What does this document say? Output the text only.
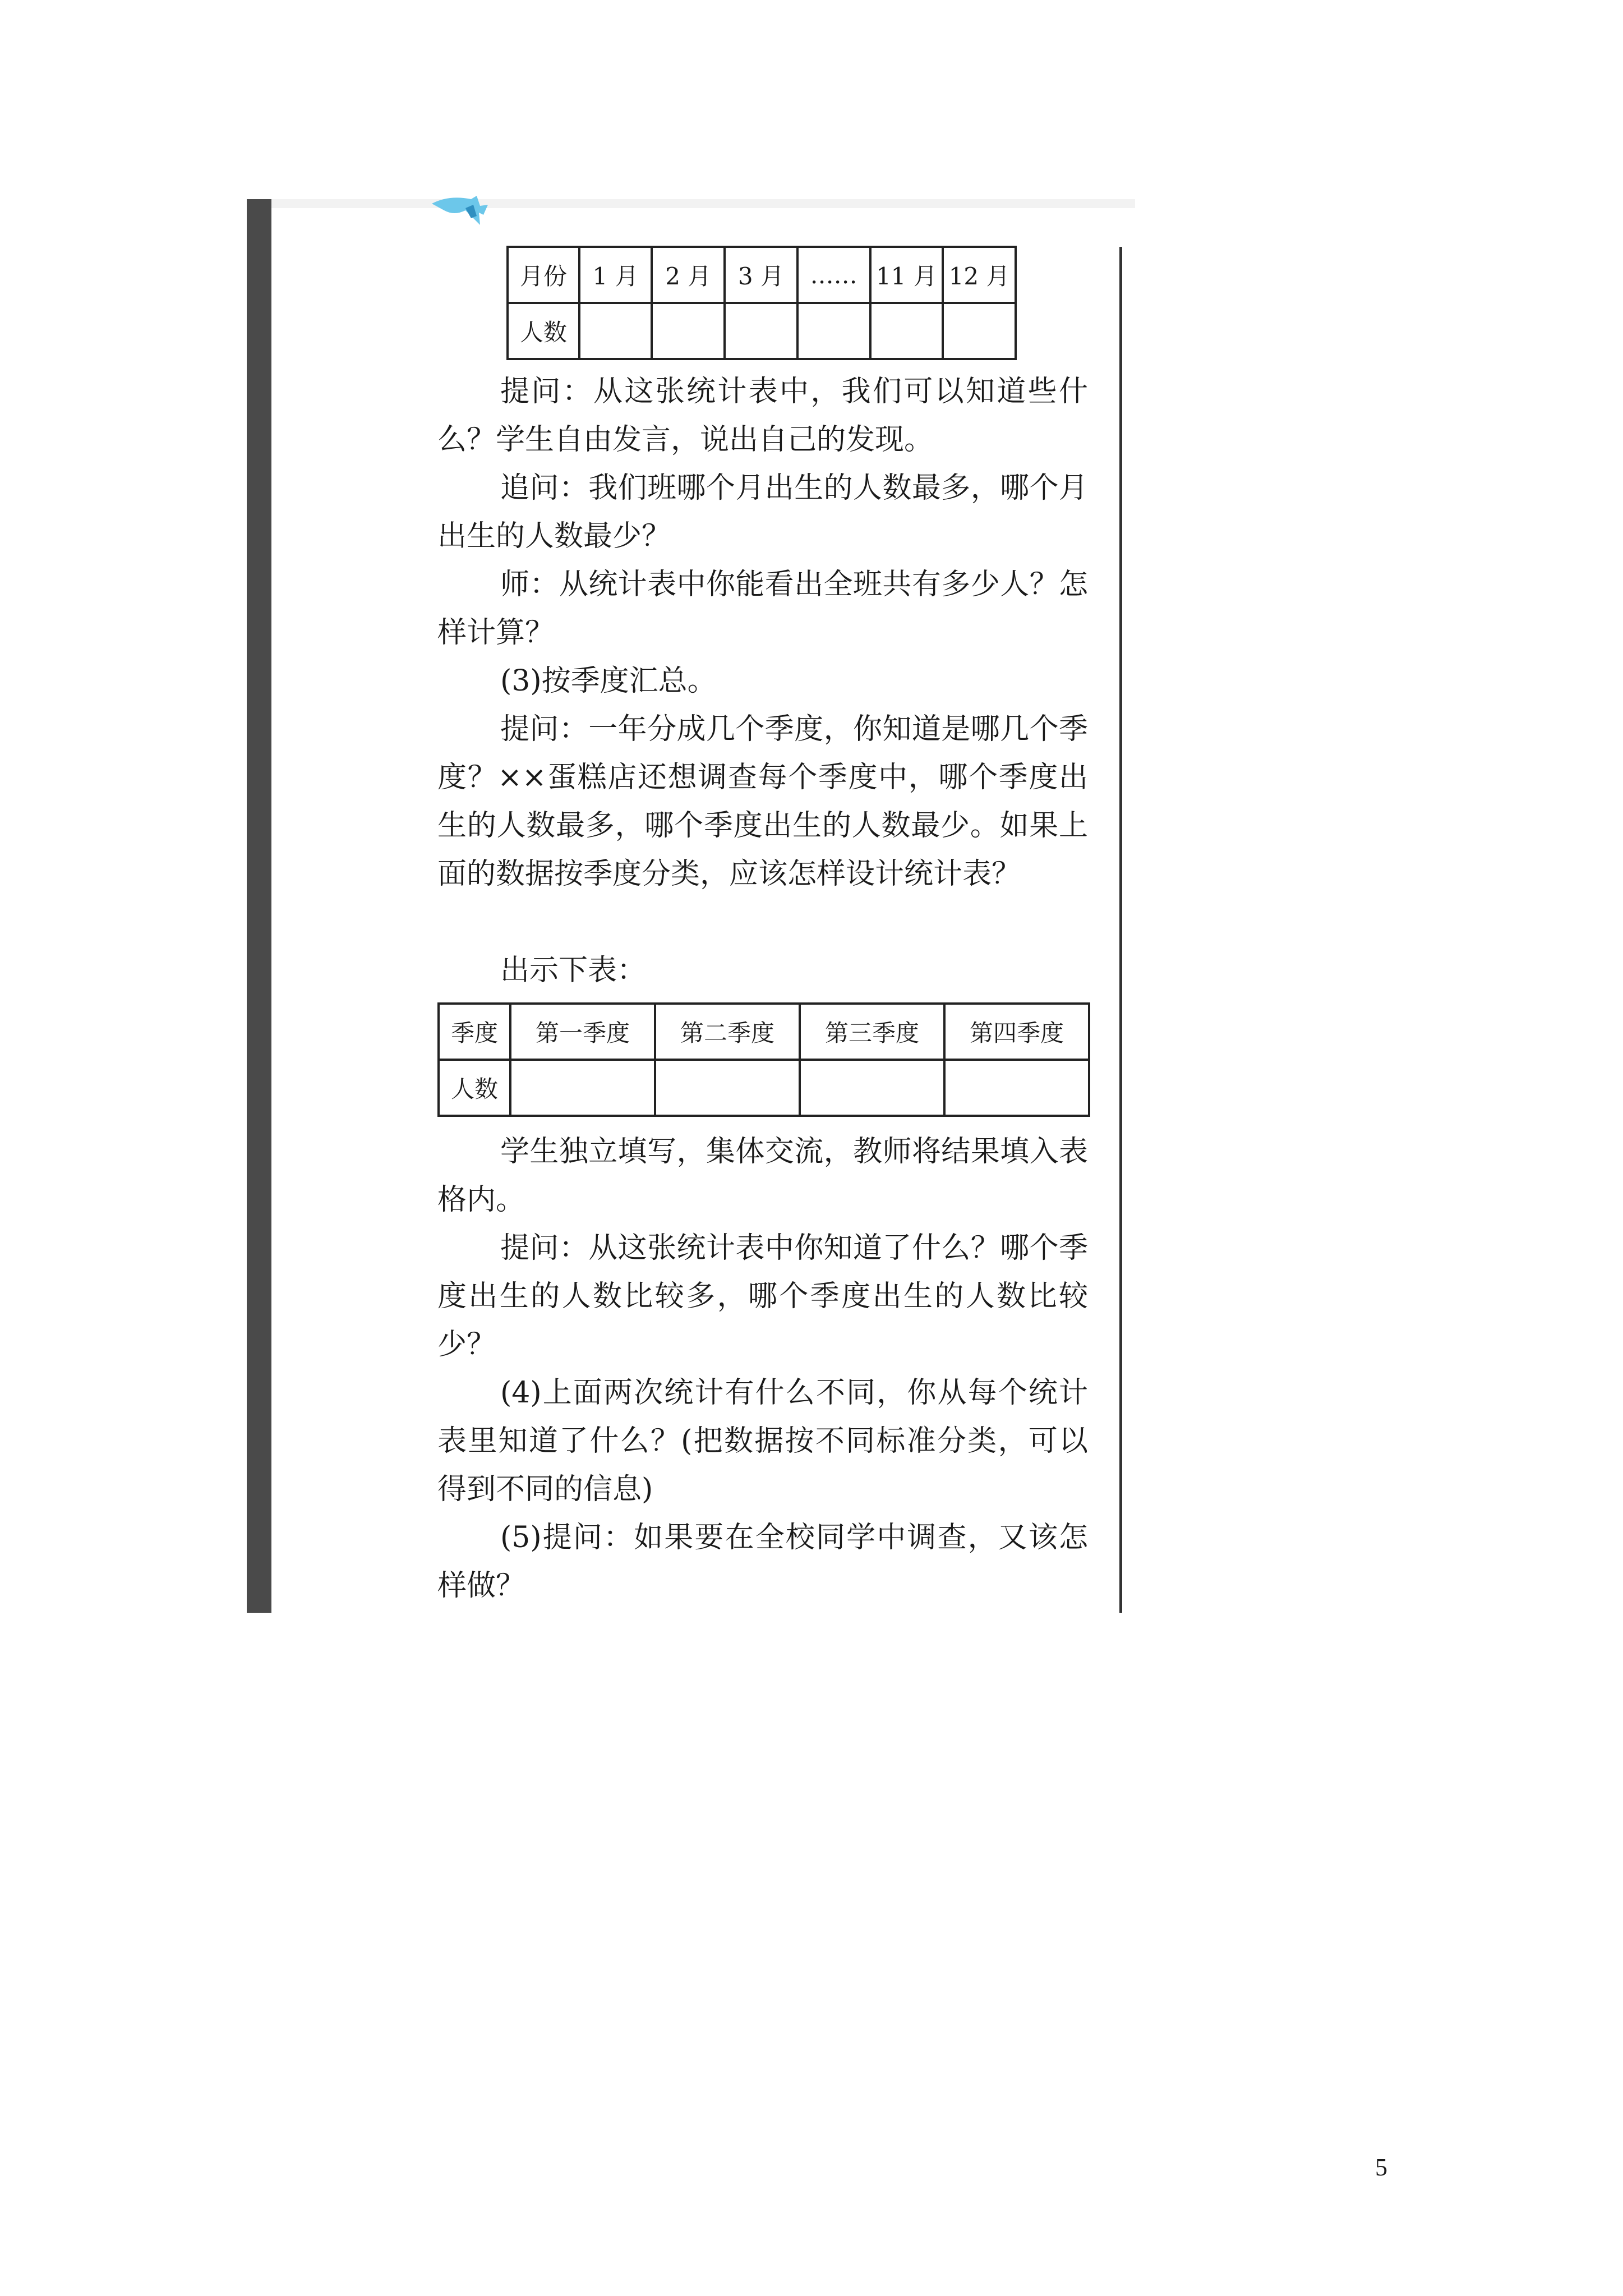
月份	1 月	2 月	3 月	……	11 月	12 月
人数						

提问：从这张统计表中，我们可以知道些什么？学生自由发言，说出自己的发现。

追问：我们班哪个月出生的人数最多，哪个月出生的人数最少？

师：从统计表中你能看出全班共有多少人？怎样计算？

(3)按季度汇总。

提问：一年分成几个季度，你知道是哪几个季度？××蛋糕店还想调查每个季度中，哪个季度出生的人数最多，哪个季度出生的人数最少。如果上面的数据按季度分类，应该怎样设计统计表？

出示下表：

季度	第一季度	第二季度	第三季度	第四季度
人数				

学生独立填写，集体交流，教师将结果填入表格内。

提问：从这张统计表中你知道了什么？哪个季度出生的人数比较多，哪个季度出生的人数比较少？

(4)上面两次统计有什么不同，你从每个统计表里知道了什么？(把数据按不同标准分类，可以得到不同的信息)

(5)提问：如果要在全校同学中调查，又该怎样做？

5
